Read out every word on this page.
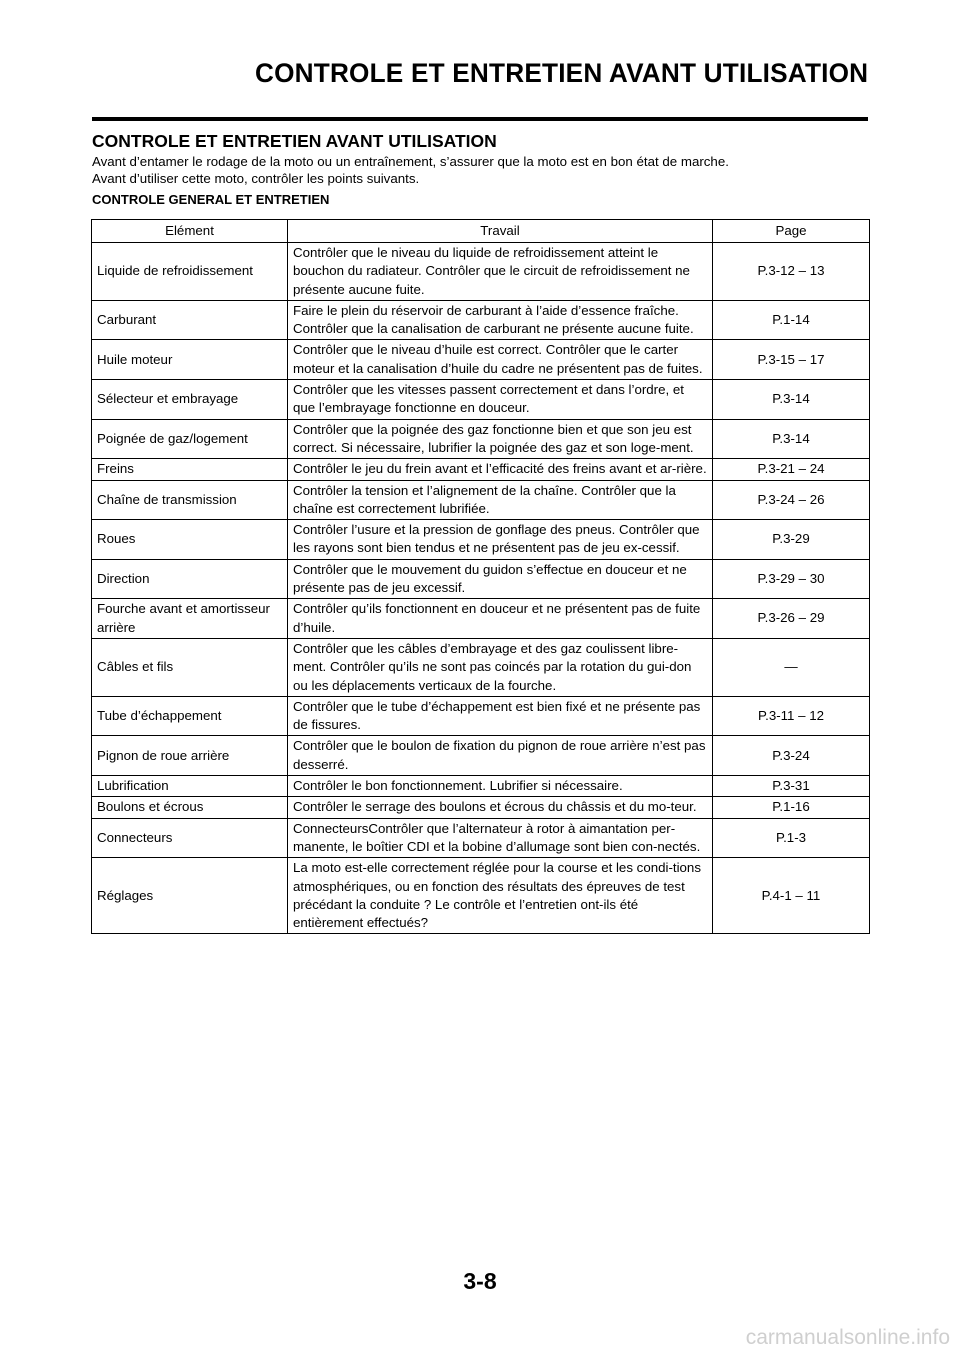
CONTROLE ET ENTRETIEN AVANT UTILISATION
CONTROLE ET ENTRETIEN AVANT UTILISATION
Avant d’entamer le rodage de la moto ou un entraînement, s’assurer que la moto est en bon état de marche.
Avant d’utiliser cette moto, contrôler les points suivants.
CONTROLE GENERAL ET ENTRETIEN
Elément	Travail	Page
Liquide de refroidissement	Contrôler que le niveau du liquide de refroidissement atteint le bouchon du radiateur. Contrôler que le circuit de refroidissement ne présente aucune fuite.	P.3-12 – 13
Carburant	Faire le plein du réservoir de carburant à l’aide d’essence fraîche. Contrôler que la canalisation de carburant ne présente aucune fuite.	P.1-14
Huile moteur	Contrôler que le niveau d’huile est correct. Contrôler que le carter moteur et la canalisation d’huile du cadre ne présentent pas de fuites.	P.3-15 – 17
Sélecteur et embrayage	Contrôler que les vitesses passent correctement et dans l’ordre, et que l’embrayage fonctionne en douceur.	P.3-14
Poignée de gaz/logement	Contrôler que la poignée des gaz fonctionne bien et que son jeu est correct. Si nécessaire, lubrifier la poignée des gaz et son loge-ment.	P.3-14
Freins	Contrôler le jeu du frein avant et l’efficacité des freins avant et ar-rière.	P.3-21 – 24
Chaîne de transmission	Contrôler la tension et l’alignement de la chaîne. Contrôler que la chaîne est correctement lubrifiée.	P.3-24 – 26
Roues	Contrôler l’usure et la pression de gonflage des pneus. Contrôler que les rayons sont bien tendus et ne présentent pas de jeu ex-cessif.	P.3-29
Direction	Contrôler que le mouvement du guidon s’effectue en douceur et ne présente pas de jeu excessif.	P.3-29 – 30
Fourche avant et amortisseur arrière	Contrôler qu’ils fonctionnent en douceur et ne présentent pas de fuite d’huile.	P.3-26 – 29
Câbles et fils	Contrôler que les câbles d’embrayage et des gaz coulissent libre-ment. Contrôler qu’ils ne sont pas coincés par la rotation du gui-don ou les déplacements verticaux de la fourche.	—
Tube d’échappement	Contrôler que le tube d’échappement est bien fixé et ne présente pas de fissures.	P.3-11 – 12
Pignon de roue arrière	Contrôler que le boulon de fixation du pignon de roue arrière n’est pas desserré.	P.3-24
Lubrification	Contrôler le bon fonctionnement. Lubrifier si nécessaire.	P.3-31
Boulons et écrous	Contrôler le serrage des boulons et écrous du châssis et du mo-teur.	P.1-16
Connecteurs	ConnecteursContrôler que l’alternateur à rotor à aimantation per-manente, le boîtier CDI et la bobine d’allumage sont bien con-nectés.	P.1-3
Réglages	La moto est-elle correctement réglée pour la course et les condi-tions atmosphériques, ou en fonction des résultats des épreuves de test précédant la conduite ? Le contrôle et l’entretien ont-ils été entièrement effectués?	P.4-1 – 11
3-8
carmanualsonline.info
